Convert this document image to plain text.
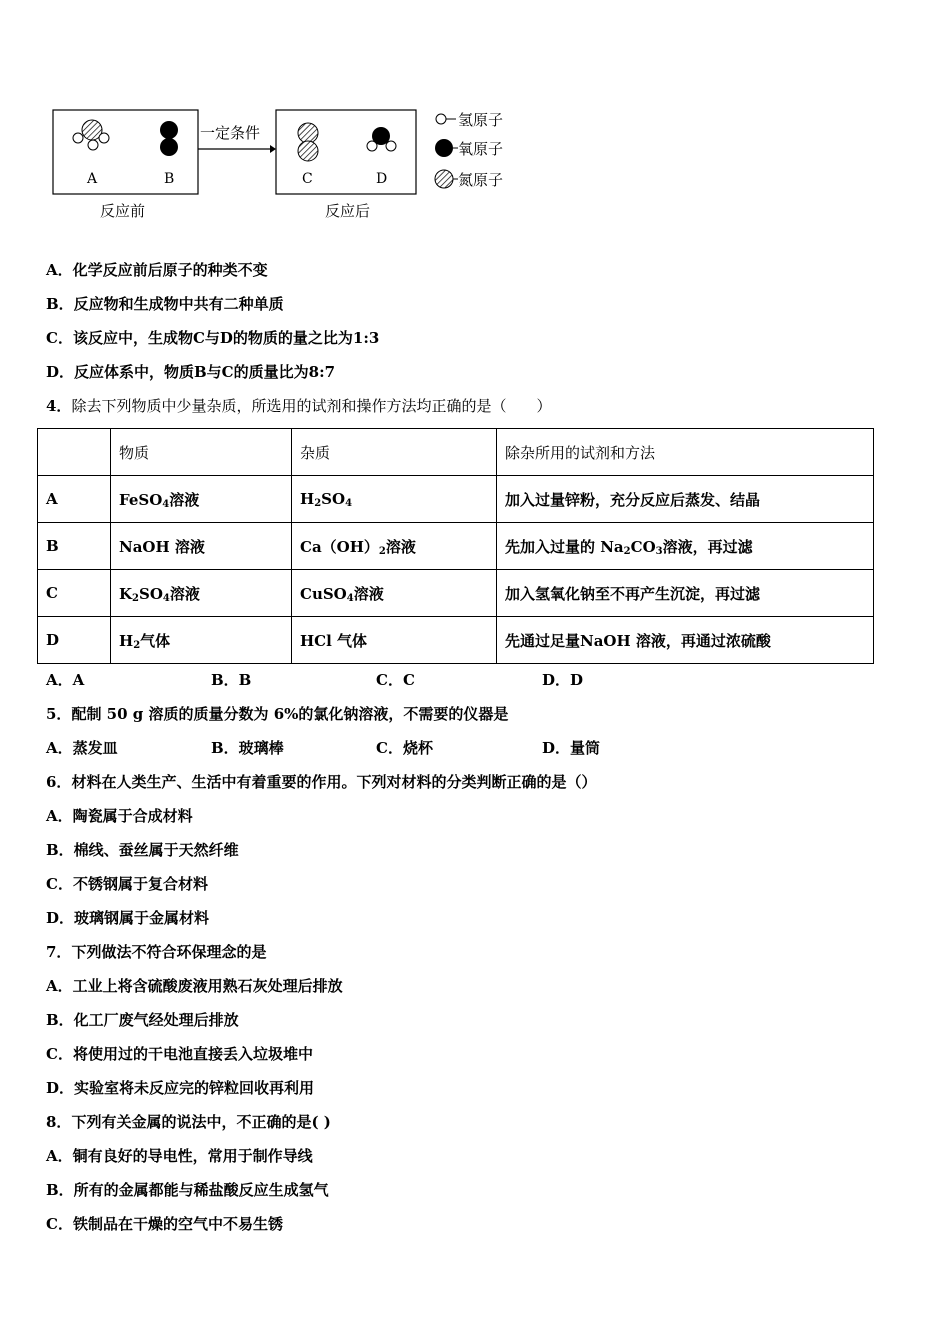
A	B
一定条件
C	D
反应前	反应后
氢原子
氧原子
氮原子
A．化学反应前后原子的种类不变
B．反应物和生成物中共有二种单质
C．该反应中，生成物C与D的物质的量之比为1:3
D．反应体系中，物质B与C的质量比为8:7
4．除去下列物质中少量杂质，所选用的试剂和操作方法均正确的是（　　）
	物质	杂质	除杂所用的试剂和方法
A	FeSO$_4$溶液	$H_2SO_4$	加入过量锌粉，充分反应后蒸发、结晶
B	NaOH 溶液	$Ca(OH)_2$溶液	先加入过量的 $Na_2CO_3$溶液，再过滤
C	$K_2SO_4$溶液	CuSO$_4$溶液	加入氢氧化钠至不再产生沉淀，再过滤
D	$H_2$气体	HCl 气体	先通过足量NaOH 溶液，再通过浓硫酸
A．A	B．B	C．C	D．D
5．配制 50 g 溶质的质量分数为 6%的氯化钠溶液，不需要的仪器是
A．蒸发皿	B．玻璃棒	C．烧杯	D．量筒
6．材料在人类生产、生活中有着重要的作用。下列对材料的分类判断正确的是（）
A．陶瓷属于合成材料
B．棉线、蚕丝属于天然纤维
C．不锈钢属于复合材料
D．玻璃钢属于金属材料
7．下列做法不符合环保理念的是
A．工业上将含硫酸废液用熟石灰处理后排放
B．化工厂废气经处理后排放
C．将使用过的干电池直接丢入垃圾堆中
D．实验室将未反应完的锌粒回收再利用
8．下列有关金属的说法中，不正确的是( )
A．铜有良好的导电性，常用于制作导线
B．所有的金属都能与稀盐酸反应生成氢气
C．铁制品在干燥的空气中不易生锈
